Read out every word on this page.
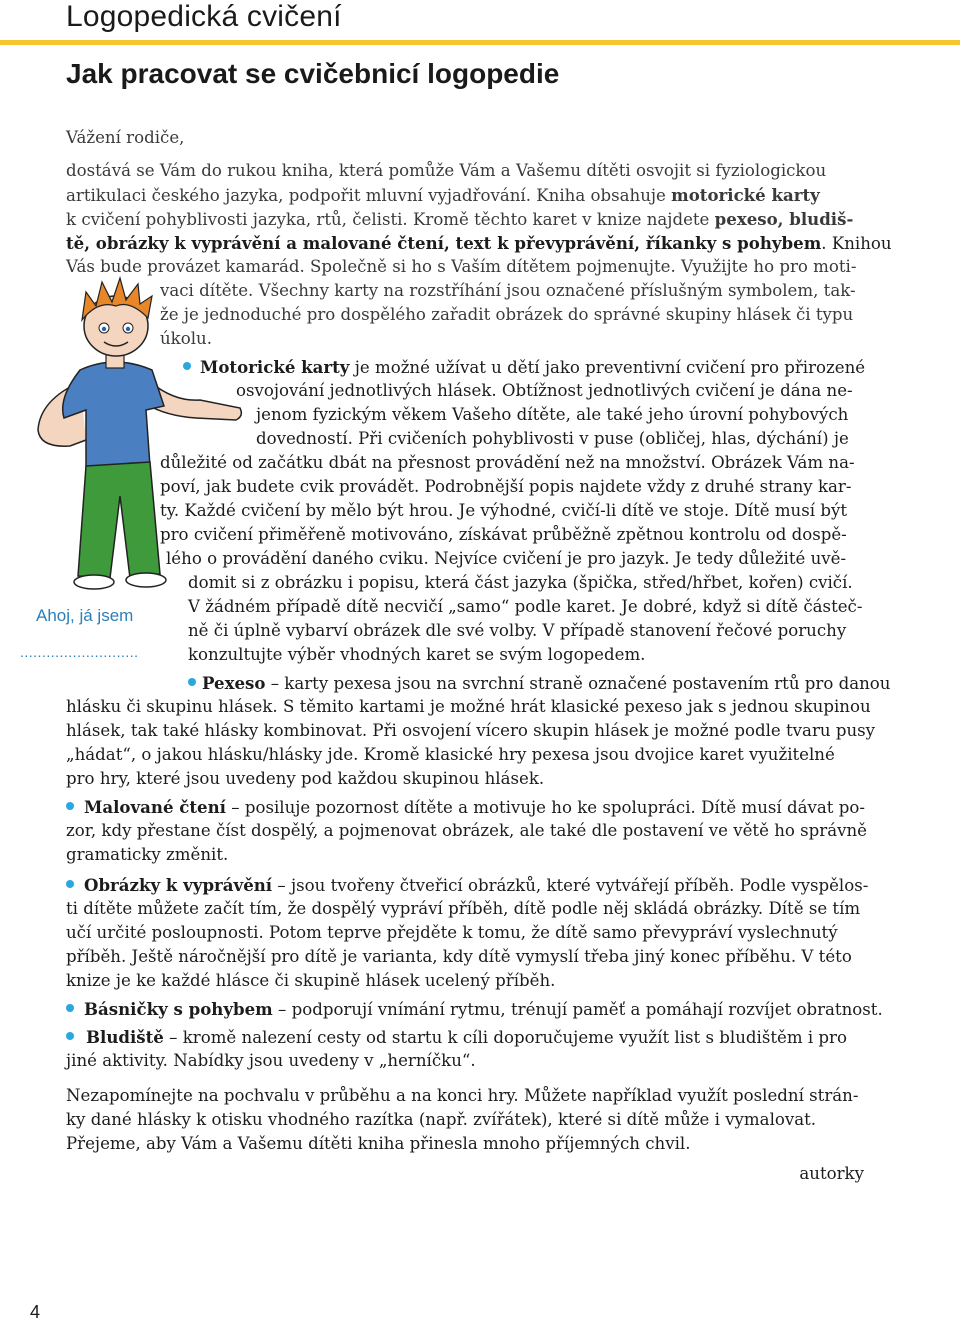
Logopedická cvičení
Jak pracovat se cvičebnicí logopedie
Ahoj, já jsem
...........................
Vážení rodiče,
dostává se Vám do rukou kniha, která pomůže Vám a Vašemu dítěti osvojit si fyziologickou
artikulaci českého jazyka, podpořit mluvní vyjadřování. Kniha obsahuje motorické karty
k cvičení pohyblivosti jazyka, rtů, čelisti. Kromě těchto karet v knize najdete pexeso, bludiš-
tě, obrázky k vyprávění a malované čtení, text k převyprávění, říkanky s pohybem. Knihou
Vás bude provázet kamarád. Společně si ho s Vaším dítětem pojmenujte. Využijte ho pro moti-
vaci dítěte. Všechny karty na rozstříhání jsou označené příslušným symbolem, tak-
že je jednoduché pro dospělého zařadit obrázek do správné skupiny hlásek či typu
úkolu.
Motorické karty je možné užívat u dětí jako preventivní cvičení pro přirozené
osvojování jednotlivých hlásek. Obtížnost jednotlivých cvičení je dána ne-
jenom fyzickým věkem Vašeho dítěte, ale také jeho úrovní pohybových
dovedností. Při cvičeních pohyblivosti v puse (obličej, hlas, dýchání) je
důležité od začátku dbát na přesnost provádění než na množství. Obrázek Vám na-
poví, jak budete cvik provádět. Podrobnější popis najdete vždy z druhé strany kar-
ty. Každé cvičení by mělo být hrou. Je výhodné, cvičí-li dítě ve stoje. Dítě musí být
pro cvičení přiměřeně motivováno, získávat průběžně zpětnou kontrolu od dospě-
lého o provádění daného cviku. Nejvíce cvičení je pro jazyk. Je tedy důležité uvě-
domit si z obrázku i popisu, která část jazyka (špička, střed/hřbet, kořen) cvičí.
V žádném případě dítě necvičí „samo“ podle karet. Je dobré, když si dítě částeč-
ně či úplně vybarví obrázek dle své volby. V případě stanovení řečové poruchy
konzultujte výběr vhodných karet se svým logopedem.
Pexeso – karty pexesa jsou na svrchní straně označené postavením rtů pro danou
hlásku či skupinu hlásek. S těmito kartami je možné hrát klasické pexeso jak s jednou skupinou
hlásek, tak také hlásky kombinovat. Při osvojení vícero skupin hlásek je možné podle tvaru pusy
„hádat“, o jakou hlásku/hlásky jde. Kromě klasické hry pexesa jsou dvojice karet využitelné
pro hry, které jsou uvedeny pod každou skupinou hlásek.
Malované čtení – posiluje pozornost dítěte a motivuje ho ke spolupráci. Dítě musí dávat po-
zor, kdy přestane číst dospělý, a pojmenovat obrázek, ale také dle postavení ve větě ho správně
gramaticky změnit.
Obrázky k vyprávění – jsou tvořeny čtveřicí obrázků, které vytvářejí příběh. Podle vyspělos-
ti dítěte můžete začít tím, že dospělý vypráví příběh, dítě podle něj skládá obrázky. Dítě se tím
učí určité posloupnosti. Potom teprve přejděte k tomu, že dítě samo převypráví vyslechnutý
příběh. Ještě náročnější pro dítě je varianta, kdy dítě vymyslí třeba jiný konec příběhu. V této
knize je ke každé hlásce či skupině hlásek ucelený příběh.
Básničky s pohybem – podporují vnímání rytmu, trénují paměť a pomáhají rozvíjet obratnost.
Bludiště – kromě nalezení cesty od startu k cíli doporučujeme využít list s bludištěm i pro
jiné aktivity. Nabídky jsou uvedeny v „herníčku“.
Nezapomínejte na pochvalu v průběhu a na konci hry. Můžete například využít poslední strán-
ky dané hlásky k otisku vhodného razítka (např. zvířátek), které si dítě může i vymalovat.
Přejeme, aby Vám a Vašemu dítěti kniha přinesla mnoho příjemných chvil.
autorky
4
